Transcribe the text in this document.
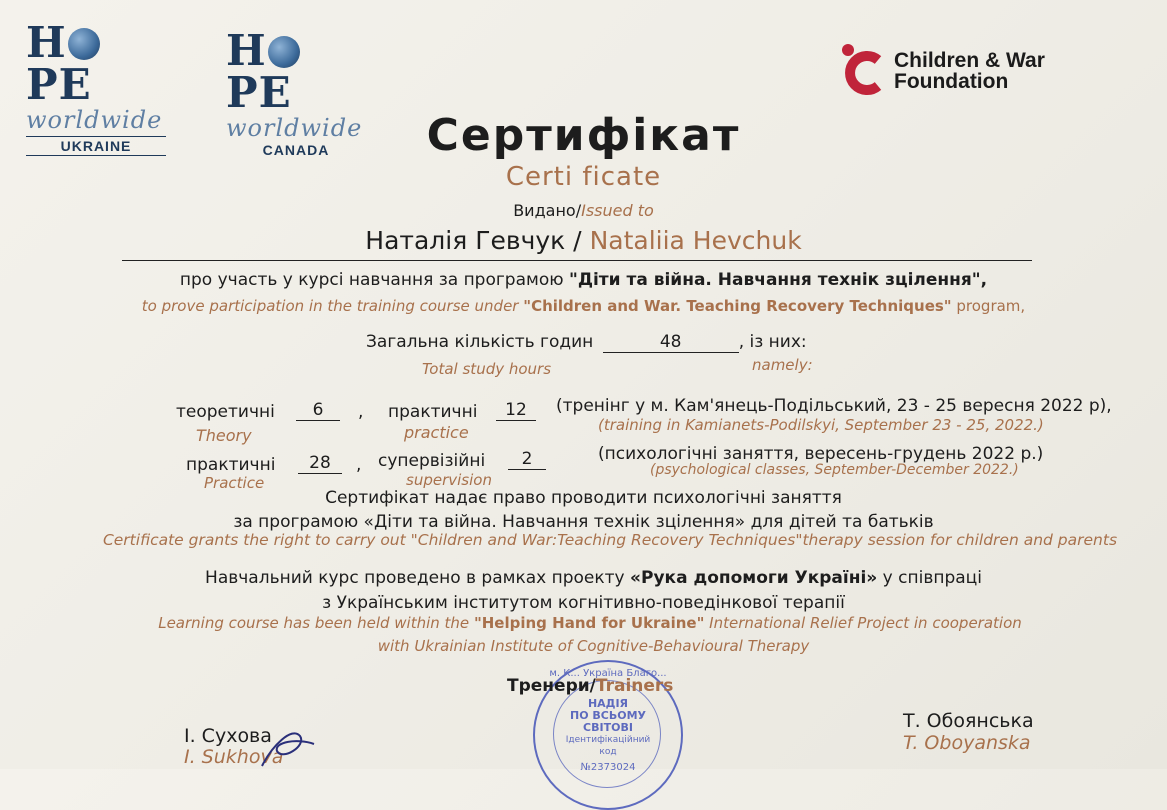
HPE
worldwide
UKRAINE
HPE
worldwide
CANADA
Children & War
Foundation
Сертифікат
Certi ficate
Видано/Issued to
Наталія Гевчук / Nataliia Hevchuk
про участь у курсі навчання за програмою "Діти та війна. Навчання технік зцілення",
to prove participation in the training course under "Children and War. Teaching Recovery Techniques" program,
Загальна кількість годин	48	, із них:
Total study hours	namely:
теоретичні	6	,
Theory
практичні	12
practice
(тренінг у м. Кам'янець-Подільський, 23 - 25 вересня 2022 р),
(training in Kamianets-Podilskyi, September 23 - 25, 2022.)
практичні	28	,
Practice
супервізійні	2
supervision
(психологічні заняття, вересень-грудень 2022 р.)
(psychological classes, September-December 2022.)
Сертифікат надає право проводити психологічні заняття
за програмою «Діти та війна. Навчання технік зцілення» для дітей та батьків
Certificate grants the right to carry out "Children and War:Teaching Recovery Techniques"therapy session for children and parents
Навчальний курс проведено в рамках проекту «Рука допомоги Україні» у співпраці
з Українським інститутом когнітивно-поведінкової терапії
Learning course has been held within the "Helping Hand for Ukraine" International Relief Project in cooperation
with Ukrainian Institute of Cognitive-Behavioural Therapy
м. К... Україна Благо...
НАДІЯ
ПО ВСЬОМУ
СВІТОВІ
Ідентифікаційний
код
№2373024
Тренери/Trainers
І. Сухова
I. Sukhova
Т. Обоянська
T. Oboyanska
